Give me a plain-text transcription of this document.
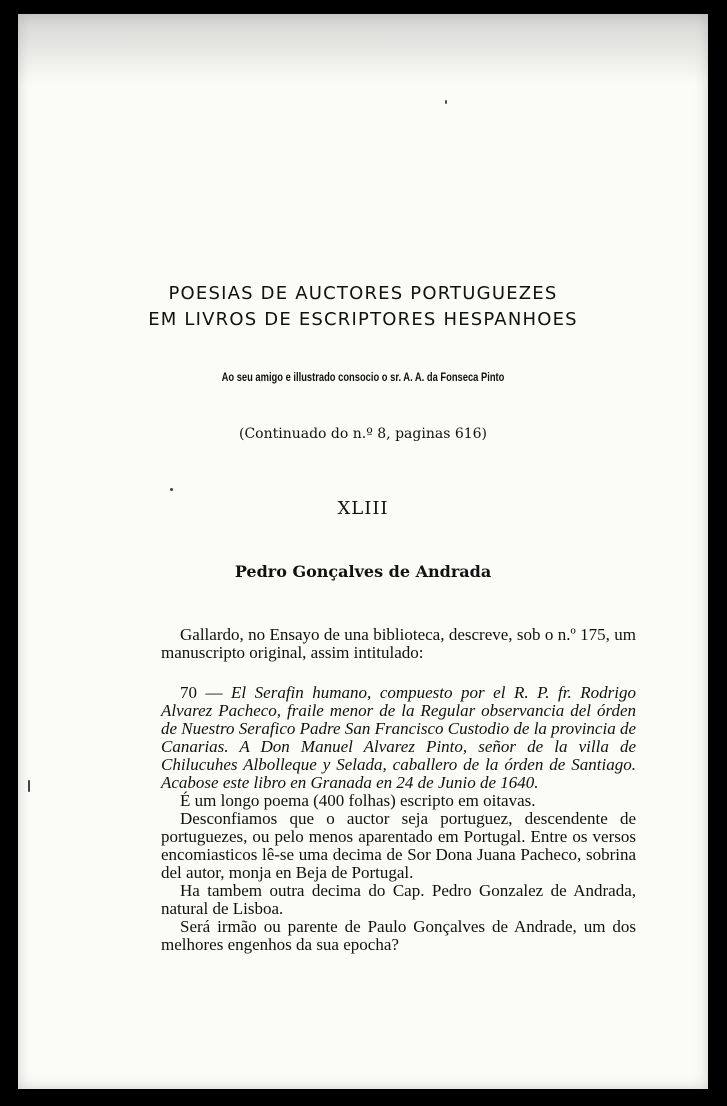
POESIAS DE AUCTORES PORTUGUEZES
EM LIVROS DE ESCRIPTORES HESPANHOES
Ao seu amigo e illustrado consocio o sr. A. A. da Fonseca Pinto
(Continuado do n.º 8, paginas 616)
XLIII
Pedro Gonçalves de Andrada

Gallardo, no Ensayo de una biblioteca, descreve, sob o n.º 175, um manuscripto original, assim intitulado:

70 — El Serafin humano, compuesto por el R. P. fr. Rodrigo Alvarez Pacheco, fraile menor de la Regular observancia del órden de Nuestro Serafico Padre San Francisco Custodio de la provincia de Canarias. A Don Manuel Alvarez Pinto, señor de la villa de Chilucuhes Albolleque y Selada, caballero de la órden de Santiago. Acabose este libro en Granada en 24 de Junio de 1640.

É um longo poema (400 folhas) escripto em oitavas.

Desconfiamos que o auctor seja portuguez, descendente de portuguezes, ou pelo menos aparentado em Portugal. Entre os versos encomiasticos lê-se uma decima de Sor Dona Juana Pacheco, sobrina del autor, monja en Beja de Portugal.

Ha tambem outra decima do Cap. Pedro Gonzalez de Andrada, natural de Lisboa.

Será irmão ou parente de Paulo Gonçalves de Andrade, um dos melhores engenhos da sua epocha?
